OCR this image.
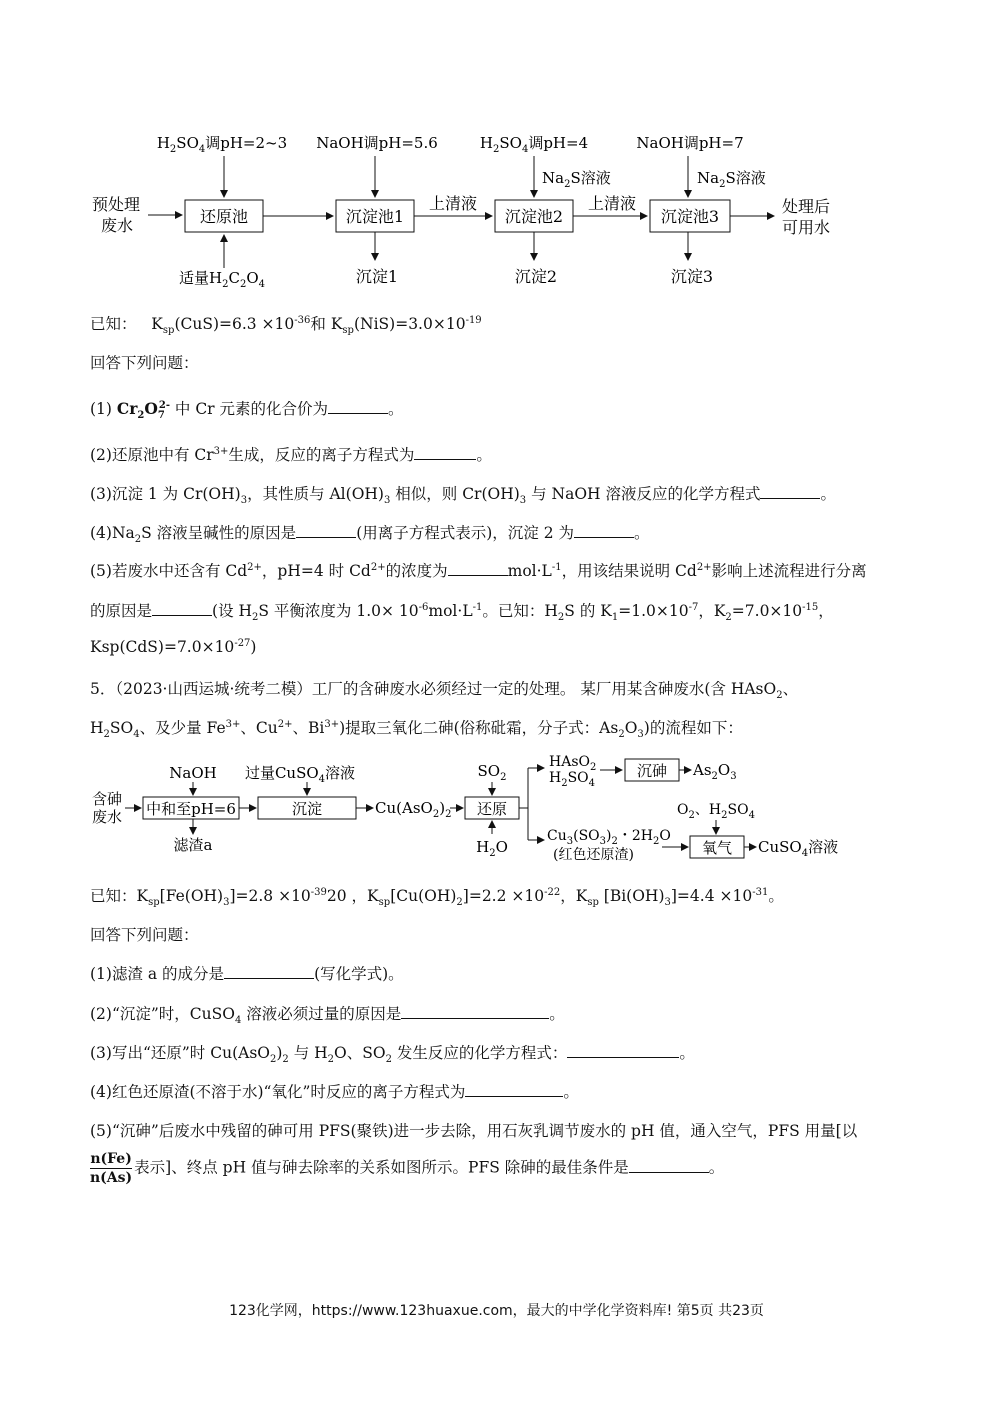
预处理
废水	还原池
$H_2SO_4$调pH=2~3
适量$H_2C_2O_4$
沉淀池1
NaOH调pH=5.6
沉淀1
上清液
沉淀池2
$H_2SO_4$调pH=4
$Na_2S$溶液
沉淀2
上清液
沉淀池3
NaOH调pH=7
$Na_2S$溶液
沉淀3
处理后
可用水
已知：   $K_{sp}(CuS)=6.3 \times 10^{-36}$和 $K_{sp}(NiS)=3.0\times 10^{-19}$
回答下列问题：
(1) $Cr_2O_7^{2-}$ 中 Cr 元素的化合价为	。
(2)还原池中有 $Cr^{3+}$生成，反应的离子方程式为	。
(3)沉淀 1 为 $Cr(OH)_3$，其性质与 $Al(OH)_3$ 相似，则 $Cr(OH)_3$ 与 NaOH 溶液反应的化学方程式	。
$(4)Na_2S$ 溶液呈碱性的原因是	(用离子方程式表示)，沉淀 2 为	。
(5)若废水中还含有 $Cd^{2+}$，pH=4 时 $Cd^{2+}$的浓度为	$mol\cdot L^{-1}$，用该结果说明 $Cd^{2+}$影响上述流程进行分离
的原因是	(设 $H_2S$ 平衡浓度为 $1.0\times 10^{-6}mol\cdot L^{-1}$。已知：$H_2S$ 的 $K_1=1.0\times 10^{-7}$，$K_2=7.0\times 10^{-15}$，
$Ksp(CdS)=7.0\times 10^{-27}$)
5．（2023·山西运城·统考二模）工厂的含砷废水必须经过一定的处理。 某厂用某含砷废水(含 HAsO$_2$、
$H_2SO_4$、及少量 $Fe^{3+}$、$Cu^{2+}$、$Bi^{3+}$)提取三氧化二砷(俗称砒霜，分子式：$As_2O_3$)的流程如下：
含砷
废水 中和至pH=6
NaOH
滤渣a
沉淀
过量CuSO$_4$溶液
$Cu(AsO_2)_2$ 还原
$SO_2$
$H_2O$
HAsO$_2$
$H_2SO_4$
沉砷 $As_2O_3$
$Cu_3(SO_3)_2$・$2H_2O$
(红色还原渣)	氧气
$O_2$、$H_2SO_4$
CuSO$_4$溶液
已知：$K_{sp}[Fe(OH)_3]=2.8 \times 10^{-39}20$ ，$K_{sp}[Cu(OH)_2]=2.2 \times 10^{-22}$，$K_{sp}$ $[Bi(OH)_3]=4.4 \times 10^{-31}$。
回答下列问题：
(1)滤渣 a 的成分是	(写化学式)。
(2)“沉淀”时，CuSO$_4$ 溶液必须过量的原因是	。
(3)写出“还原”时 $Cu(AsO_2)_2$ 与 $H_2O$、$SO_2$ 发生反应的化学方程式：	。
(4)红色还原渣(不溶于水)“氧化”时反应的离子方程式为	。
(5)“沉砷”后废水中残留的砷可用 PFS(聚铁)进一步去除，用石灰乳调节废水的 pH 值，通入空气，PFS 用量[以
$\frac{n(Fe)}{n(As)}$ 表示]、终点 pH 值与砷去除率的关系如图所示。PFS 除砷的最佳条件是	。
123化学网，https://www.123huaxue.com，最大的中学化学资料库! 第5页 共23页
